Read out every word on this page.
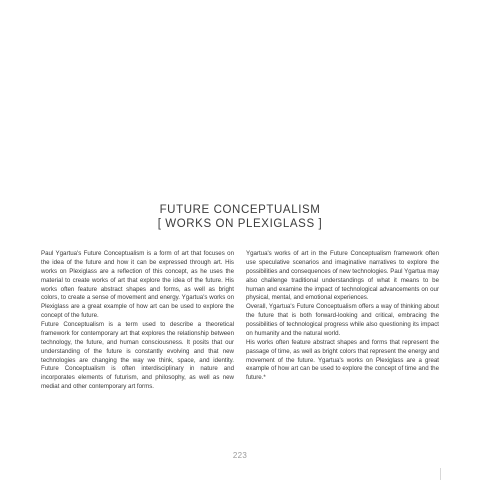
FUTURE CONCEPTUALISM
[ WORKS ON PLEXIGLASS ]

Paul Ygartua's Future Conceptualism is a form of art that focuses on the idea of the future and how it can be expressed through art. His works on Plexiglass are a reflection of this concept, as he uses the material to create works of art that explore the idea of the future. His works often feature abstract shapes and forms, as well as bright colors, to create a sense of movement and energy. Ygartua's works on Plexiglass are a great example of how art can be used to explore the concept of the future.

Future Conceptualism is a term used to describe a theoretical framework for contemporary art that explores the relationship between technology, the future, and human consciousness. It posits that our understanding of the future is constantly evolving and that new technologies are changing the way we think, space, and identity. Future Conceptualism is often interdisciplinary in nature and incorporates elements of futurism, and philosophy, as well as new mediat and other contemporary art forms.

Ygartua's works of art in the Future Conceptualism framework often use speculative scenarios and imaginative narratives to explore the possibilities and consequences of new technologies. Paul Ygartua may also challenge traditional understandings of what it means to be human and examine the impact of technological advancements on our physical, mental, and emotional experiences.

Overall, Ygartua's Future Conceptualism offers a way of thinking about the future that is both forward-looking and critical, embracing the possibilities of technological progress while also questioning its impact on humanity and the natural world.

His works often feature abstract shapes and forms that represent the passage of time, as well as bright colors that represent the energy and movement of the future. Ygartua's works on Plexiglass are a great example of how art can be used to explore the concept of time and the future.*

223
